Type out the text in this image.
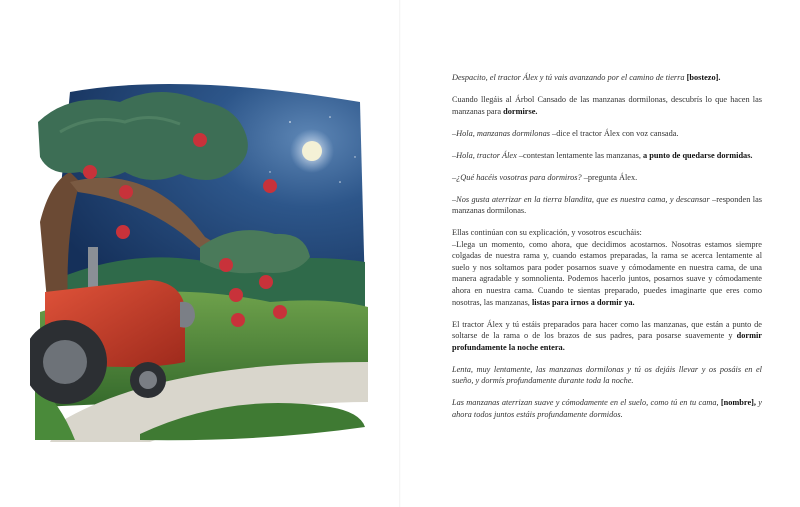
Despacito, el tractor Álex y tú vais avanzando por el camino de tierra [bostezo].

Cuando llegáis al Árbol Cansado de las manzanas dormilonas, descubrís lo que hacen las manzanas para dormirse.

–Hola, manzanas dormilonas –dice el tractor Álex con voz cansada.

–Hola, tractor Álex –contestan lentamente las manzanas, a punto de quedarse dormidas.

–¿Qué hacéis vosotras para dormiros? –pregunta Álex.

–Nos gusta aterrizar en la tierra blandita, que es nuestra cama, y descansar –responden las manzanas dormilonas.

Ellas continúan con su explicación, y vosotros escucháis:
–Llega un momento, como ahora, que decidimos acostarnos. Nosotras estamos siempre colgadas de nuestra rama y, cuando estamos preparadas, la rama se acerca lentamente al suelo y nos soltamos para poder posarnos suave y cómodamente en nuestra cama, de una manera agradable y somnolienta. Podemos hacerlo juntos, posarnos suave y cómodamente ahora en nuestra cama. Cuando te sientas preparado, puedes imaginarte que eres como nosotras, las manzanas, listas para irnos a dormir ya.

El tractor Álex y tú estáis preparados para hacer como las manzanas, que están a punto de soltarse de la rama o de los brazos de sus padres, para posarse suavemente y dormir profundamente la noche entera.

Lenta, muy lentamente, las manzanas dormilonas y tú os dejáis llevar y os posáis en el sueño, y dormís profundamente durante toda la noche.

Las manzanas aterrizan suave y cómodamente en el suelo, como tú en tu cama, [nombre], y ahora todos juntos estáis profundamente dormidos.
